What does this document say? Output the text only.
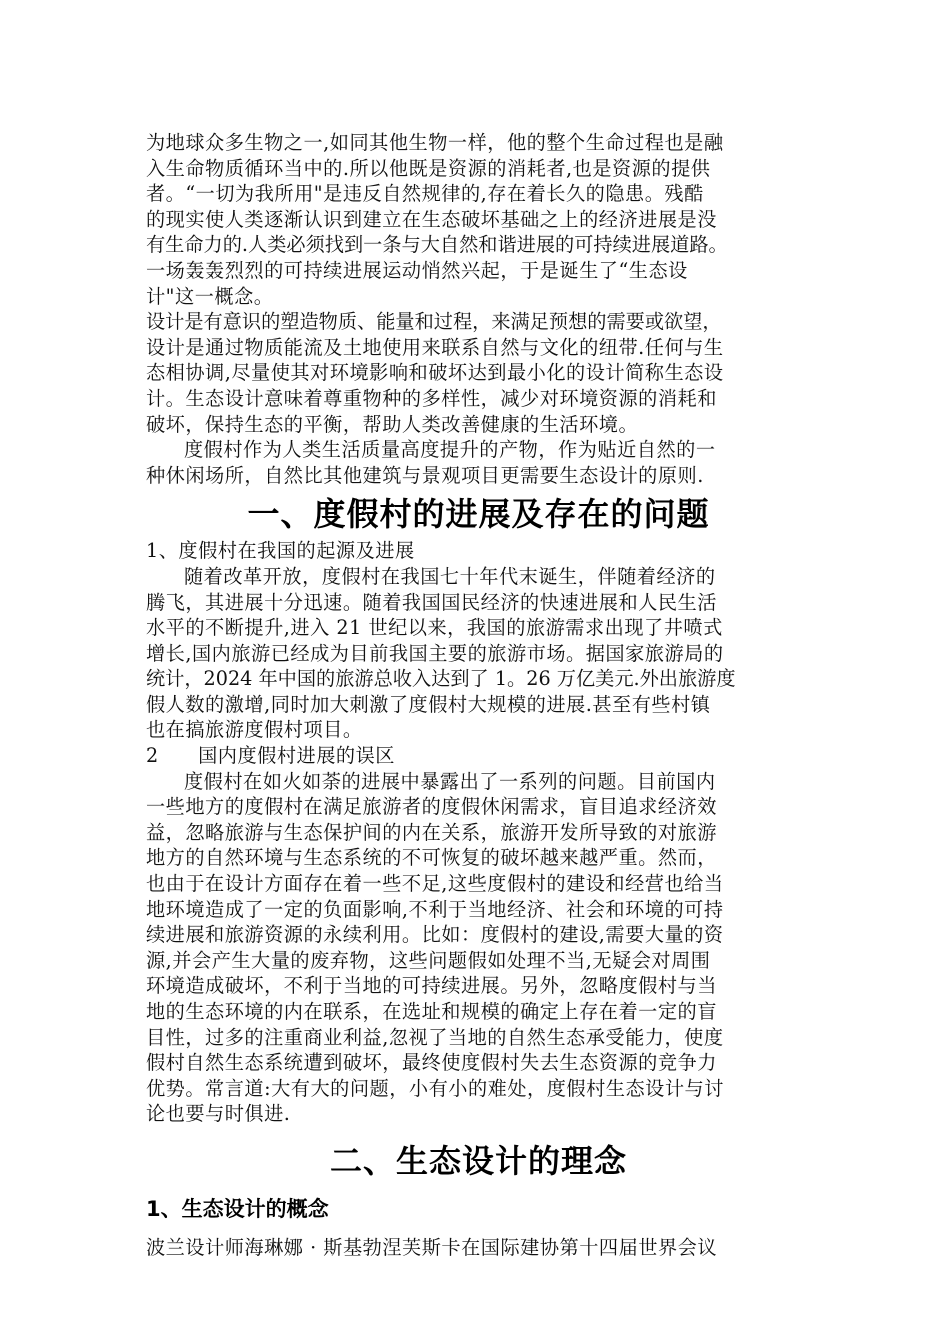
为地球众多生物之一,如同其他生物一样，他的整个生命过程也是融

入生命物质循环当中的.所以他既是资源的消耗者,也是资源的提供

者。“一切为我所用"是违反自然规律的,存在着长久的隐患。残酷

的现实使人类逐渐认识到建立在生态破坏基础之上的经济进展是没

有生命力的.人类必须找到一条与大自然和谐进展的可持续进展道路。

一场轰轰烈烈的可持续进展运动悄然兴起，于是诞生了“生态设

计"这一概念。

设计是有意识的塑造物质、能量和过程，来满足预想的需要或欲望，

设计是通过物质能流及土地使用来联系自然与文化的纽带.任何与生

态相协调,尽量使其对环境影响和破坏达到最小化的设计简称生态设

计。生态设计意味着尊重物种的多样性，减少对环境资源的消耗和

破坏，保持生态的平衡，帮助人类改善健康的生活环境。

度假村作为人类生活质量高度提升的产物，作为贴近自然的一

种休闲场所，自然比其他建筑与景观项目更需要生态设计的原则.

一、度假村的进展及存在的问题

1、度假村在我国的起源及进展

随着改革开放，度假村在我国七十年代末诞生，伴随着经济的

腾飞，其进展十分迅速。随着我国国民经济的快速进展和人民生活

水平的不断提升,进入 21 世纪以来，我国的旅游需求出现了井喷式

增长,国内旅游已经成为目前我国主要的旅游市场。据国家旅游局的

统计，2024 年中国的旅游总收入达到了 1。26 万亿美元.外出旅游度

假人数的激增,同时加大刺激了度假村大规模的进展.甚至有些村镇

也在搞旅游度假村项目。

2　　国内度假村进展的误区

度假村在如火如荼的进展中暴露出了一系列的问题。目前国内

一些地方的度假村在满足旅游者的度假休闲需求，盲目追求经济效

益，忽略旅游与生态保护间的内在关系，旅游开发所导致的对旅游

地方的自然环境与生态系统的不可恢复的破坏越来越严重。然而，

也由于在设计方面存在着一些不足,这些度假村的建设和经营也给当

地环境造成了一定的负面影响,不利于当地经济、社会和环境的可持

续进展和旅游资源的永续利用。比如：度假村的建设,需要大量的资

源,并会产生大量的废弃物，这些问题假如处理不当,无疑会对周围

环境造成破坏，不利于当地的可持续进展。另外，忽略度假村与当

地的生态环境的内在联系，在选址和规模的确定上存在着一定的盲

目性，过多的注重商业利益,忽视了当地的自然生态承受能力，使度

假村自然生态系统遭到破坏，最终使度假村失去生态资源的竞争力

优势。常言道:大有大的问题，小有小的难处，度假村生态设计与讨

论也要与时俱进.

二、生态设计的理念
1、生态设计的概念

波兰设计师海琳娜 · 斯基勃涅芙斯卡在国际建协第十四届世界会议
